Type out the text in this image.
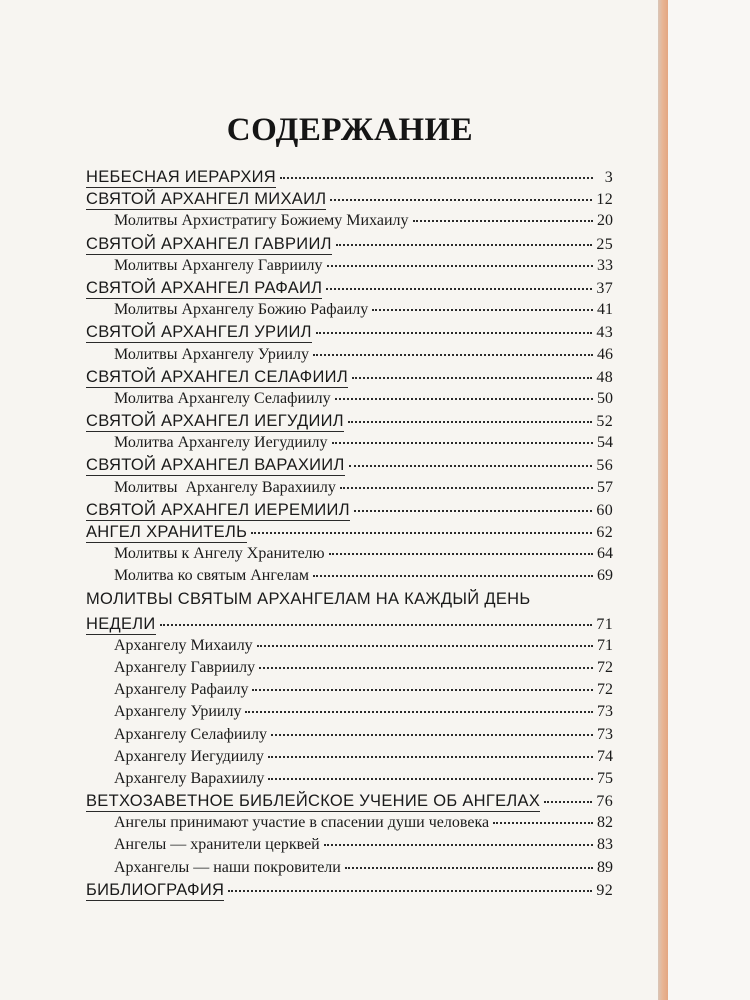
СОДЕРЖАНИЕ
НЕБЕСНАЯ ИЕРАРХИЯ	3
СВЯТОЙ АРХАНГЕЛ МИХАИЛ	12
Молитвы Архистратигу Божиему Михаилу	20
СВЯТОЙ АРХАНГЕЛ ГАВРИИЛ	25
Молитвы Архангелу Гавриилу	33
СВЯТОЙ АРХАНГЕЛ РАФАИЛ	37
Молитвы Архангелу Божию Рафаилу	41
СВЯТОЙ АРХАНГЕЛ УРИИЛ	43
Молитвы Архангелу Уриилу	46
СВЯТОЙ АРХАНГЕЛ СЕЛАФИИЛ	48
Молитва Архангелу Селафиилу	50
СВЯТОЙ АРХАНГЕЛ ИЕГУДИИЛ	52
Молитва Архангелу Иегудиилу	54
СВЯТОЙ АРХАНГЕЛ ВАРАХИИЛ	56
Молитвы  Архангелу Варахиилу	57
СВЯТОЙ АРХАНГЕЛ ИЕРЕМИИЛ	60
АНГЕЛ ХРАНИТЕЛЬ	62
Молитвы к Ангелу Хранителю	64
Молитва ко святым Ангелам	69
МОЛИТВЫ СВЯТЫМ АРХАНГЕЛАМ НА КАЖДЫЙ ДЕНЬ
НЕДЕЛИ	71
Архангелу Михаилу	71
Архангелу Гавриилу	72
Архангелу Рафаилу	72
Архангелу Уриилу	73
Архангелу Селафиилу	73
Архангелу Иегудиилу	74
Архангелу Варахиилу	75
ВЕТХОЗАВЕТНОЕ БИБЛЕЙСКОЕ УЧЕНИЕ ОБ АНГЕЛАХ	76
Ангелы принимают участие в спасении души человека	82
Ангелы — хранители церквей	83
Архангелы — наши покровители	89
БИБЛИОГРАФИЯ	92
